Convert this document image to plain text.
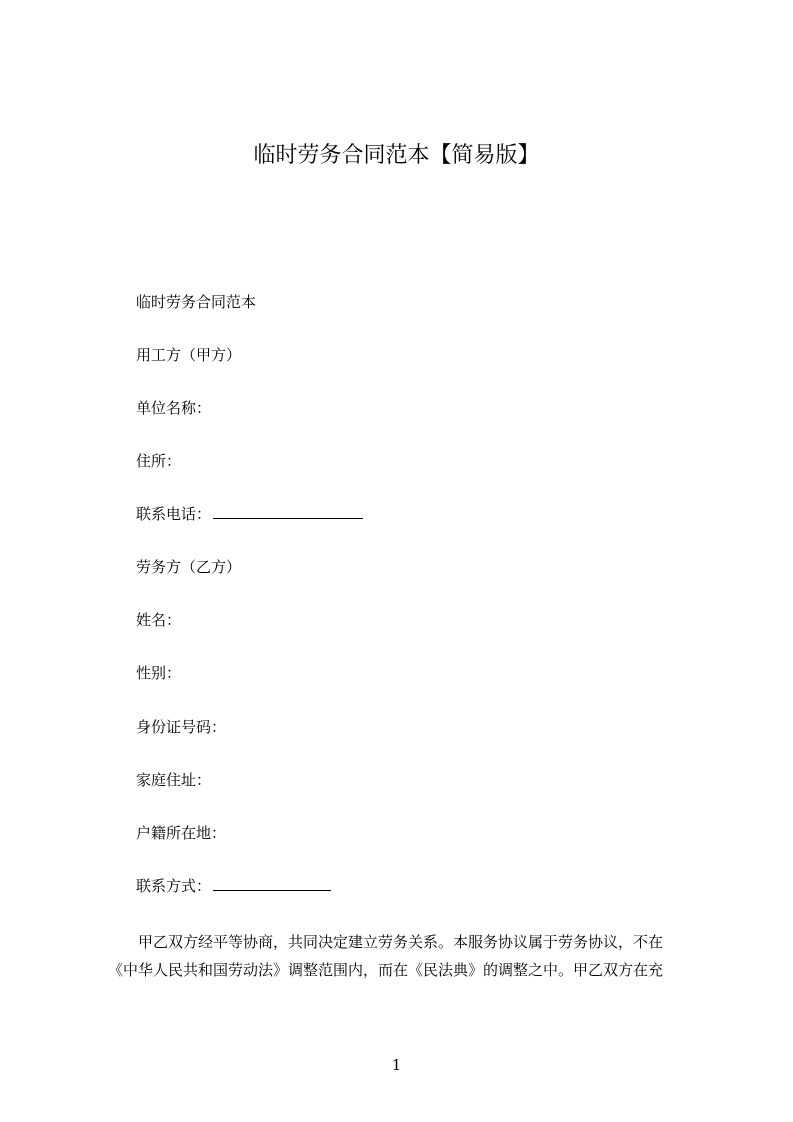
临时劳务合同范本【简易版】
临时劳务合同范本
用工方（甲方）
单位名称：
住所：
联系电话：
劳务方（乙方）
姓名：
性别：
身份证号码：
家庭住址：
户籍所在地：
联系方式：

甲乙双方经平等协商，共同决定建立劳务关系。本服务协议属于劳务协议，不在
《中华人民共和国劳动法》调整范围内，而在《民法典》的调整之中。甲乙双方在充

1
